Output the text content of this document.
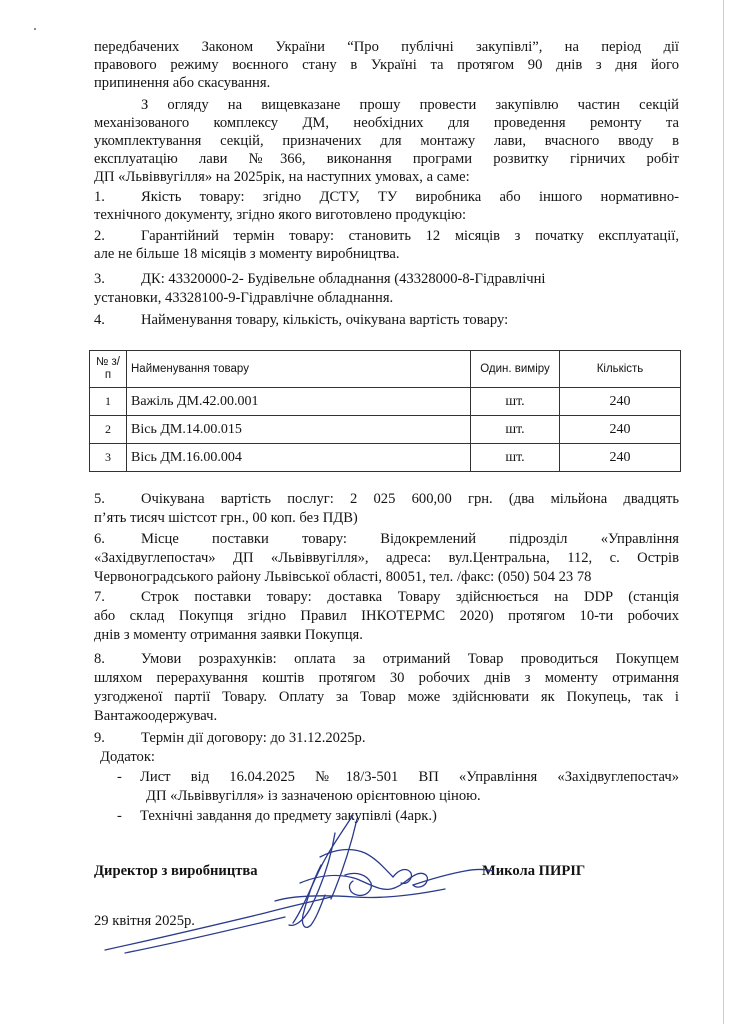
передбачених Законом України “Про публічні закупівлі”, на період дії
правового режиму воєнного стану в Україні та протягом 90 днів з дня його
припинення або скасування.
З огляду на вищевказане прошу провести закупівлю частин секцій
механізованого комплексу ДМ, необхідних для проведення ремонту та
укомплектування секцій, призначених для монтажу лави, вчасного вводу в
експлуатацію лави №366, виконання програми розвитку гірничих робіт
ДП «Львіввугілля» на 2025рік, на наступних умовах, а саме:
1. Якість товару: згідно ДСТУ, ТУ виробника або іншого нормативно-
технічного документу, згідно якого виготовлено продукцію:
2. Гарантійний термін товару: становить 12 місяців з початку експлуатації,
але не більше 18 місяців з моменту виробництва.
3. ДК: 43320000-2- Будівельне обладнання (43328000-8-Гідравлічні
установки, 43328100-9-Гідравлічне обладнання.
4. Найменування товару, кількість, очікувана вартість товару:
№ з/п	Найменування товару	Один. виміру	Кількість
1	Важіль ДМ.42.00.001	шт.	240
2	Вісь ДМ.14.00.015	шт.	240
3	Вісь ДМ.16.00.004	шт.	240
5. Очікувана вартість послуг: 2 025 600,00 грн. (два мільйона двадцять
п’ять тисяч шістсот грн., 00 коп. без ПДВ)
6. Місце поставки товару: Відокремлений підрозділ «Управління
«Західвуглепостач» ДП «Львіввугілля», адреса: вул.Центральна, 112, с. Острів
Червоноградського району Львівської області, 80051, тел. /факс: (050) 504 23 78
7. Строк поставки товару: доставка Товару здійснюється на DDP (станція
або склад Покупця згідно Правил ІНКОТЕРМС 2020) протягом 10-ти робочих
днів з моменту отримання заявки Покупця.
8. Умови розрахунків: оплата за отриманий Товар проводиться Покупцем
шляхом перерахування коштів протягом 30 робочих днів з моменту отримання
узгодженої партії Товару. Оплату за Товар може здійснювати як Покупець, так і
Вантажоодержувач.
9. Термін дії договору: до 31.12.2025р.
Додаток:
- Лист від 16.04.2025 №18/3-501 ВП «Управління «Західвуглепостач»
ДП «Львіввугілля» із зазначеною орієнтовною ціною.
- Технічні завдання до предмету закупівлі (4арк.)
Директор з виробництва	Микола ПИРІГ
29 квітня 2025р.
